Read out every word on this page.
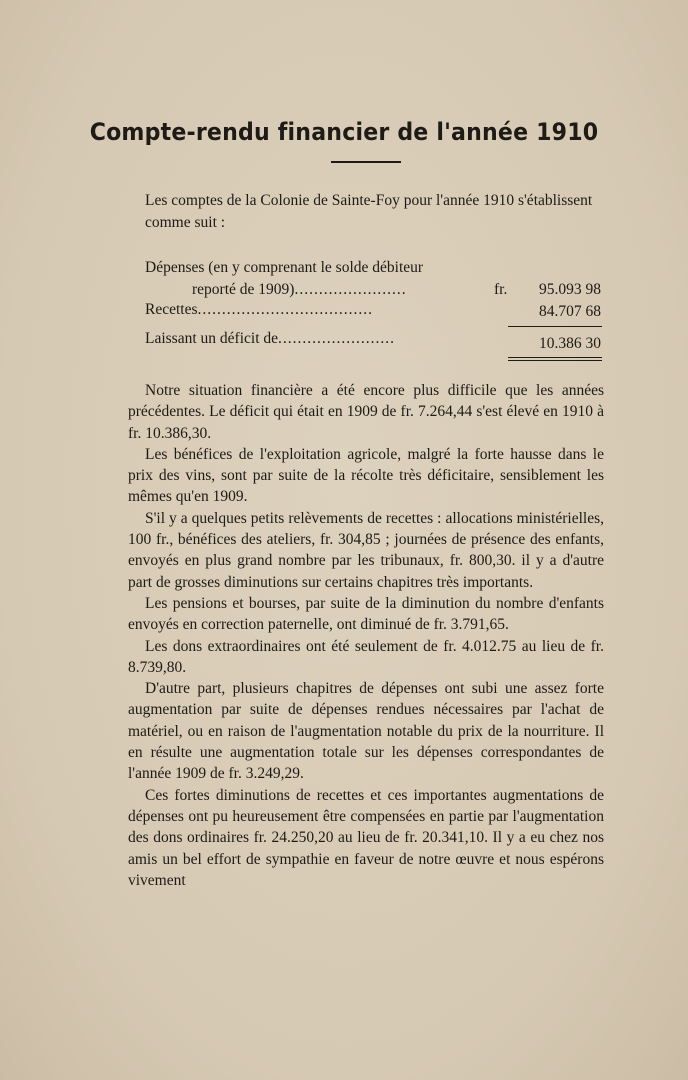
Compte-rendu financier de l'année 1910
Les comptes de la Colonie de Sainte-Foy pour l'année 1910 s'établissent comme suit :
Dépenses (en y comprenant le solde débiteur
reporté de 1909).......................	fr. 95.093 98
Recettes....................................	84.707 68
Laissant un déficit de........................	10.386 30

Notre situation financière a été encore plus difficile que les années précédentes. Le déficit qui était en 1909 de fr. 7.264,44 s'est élevé en 1910 à fr. 10.386,30.

Les bénéfices de l'exploitation agricole, malgré la forte hausse dans le prix des vins, sont par suite de la récolte très déficitaire, sensiblement les mêmes qu'en 1909.

S'il y a quelques petits relèvements de recettes : allocations ministérielles, 100 fr., bénéfices des ateliers, fr. 304,85 ; journées de présence des enfants, envoyés en plus grand nombre par les tribunaux, fr. 800,30. il y a d'autre part de grosses diminutions sur certains chapitres très importants.

Les pensions et bourses, par suite de la diminution du nombre d'enfants envoyés en correction paternelle, ont diminué de fr. 3.791,65.

Les dons extraordinaires ont été seulement de fr. 4.012.75 au lieu de fr. 8.739,80.

D'autre part, plusieurs chapitres de dépenses ont subi une assez forte augmentation par suite de dépenses rendues nécessaires par l'achat de matériel, ou en raison de l'augmentation notable du prix de la nourriture. Il en résulte une augmentation totale sur les dépenses correspondantes de l'année 1909 de fr. 3.249,29.

Ces fortes diminutions de recettes et ces importantes augmentations de dépenses ont pu heureusement être compensées en partie par l'augmentation des dons ordinaires fr. 24.250,20 au lieu de fr. 20.341,10. Il y a eu chez nos amis un bel effort de sympathie en faveur de notre œuvre et nous espérons vivement
